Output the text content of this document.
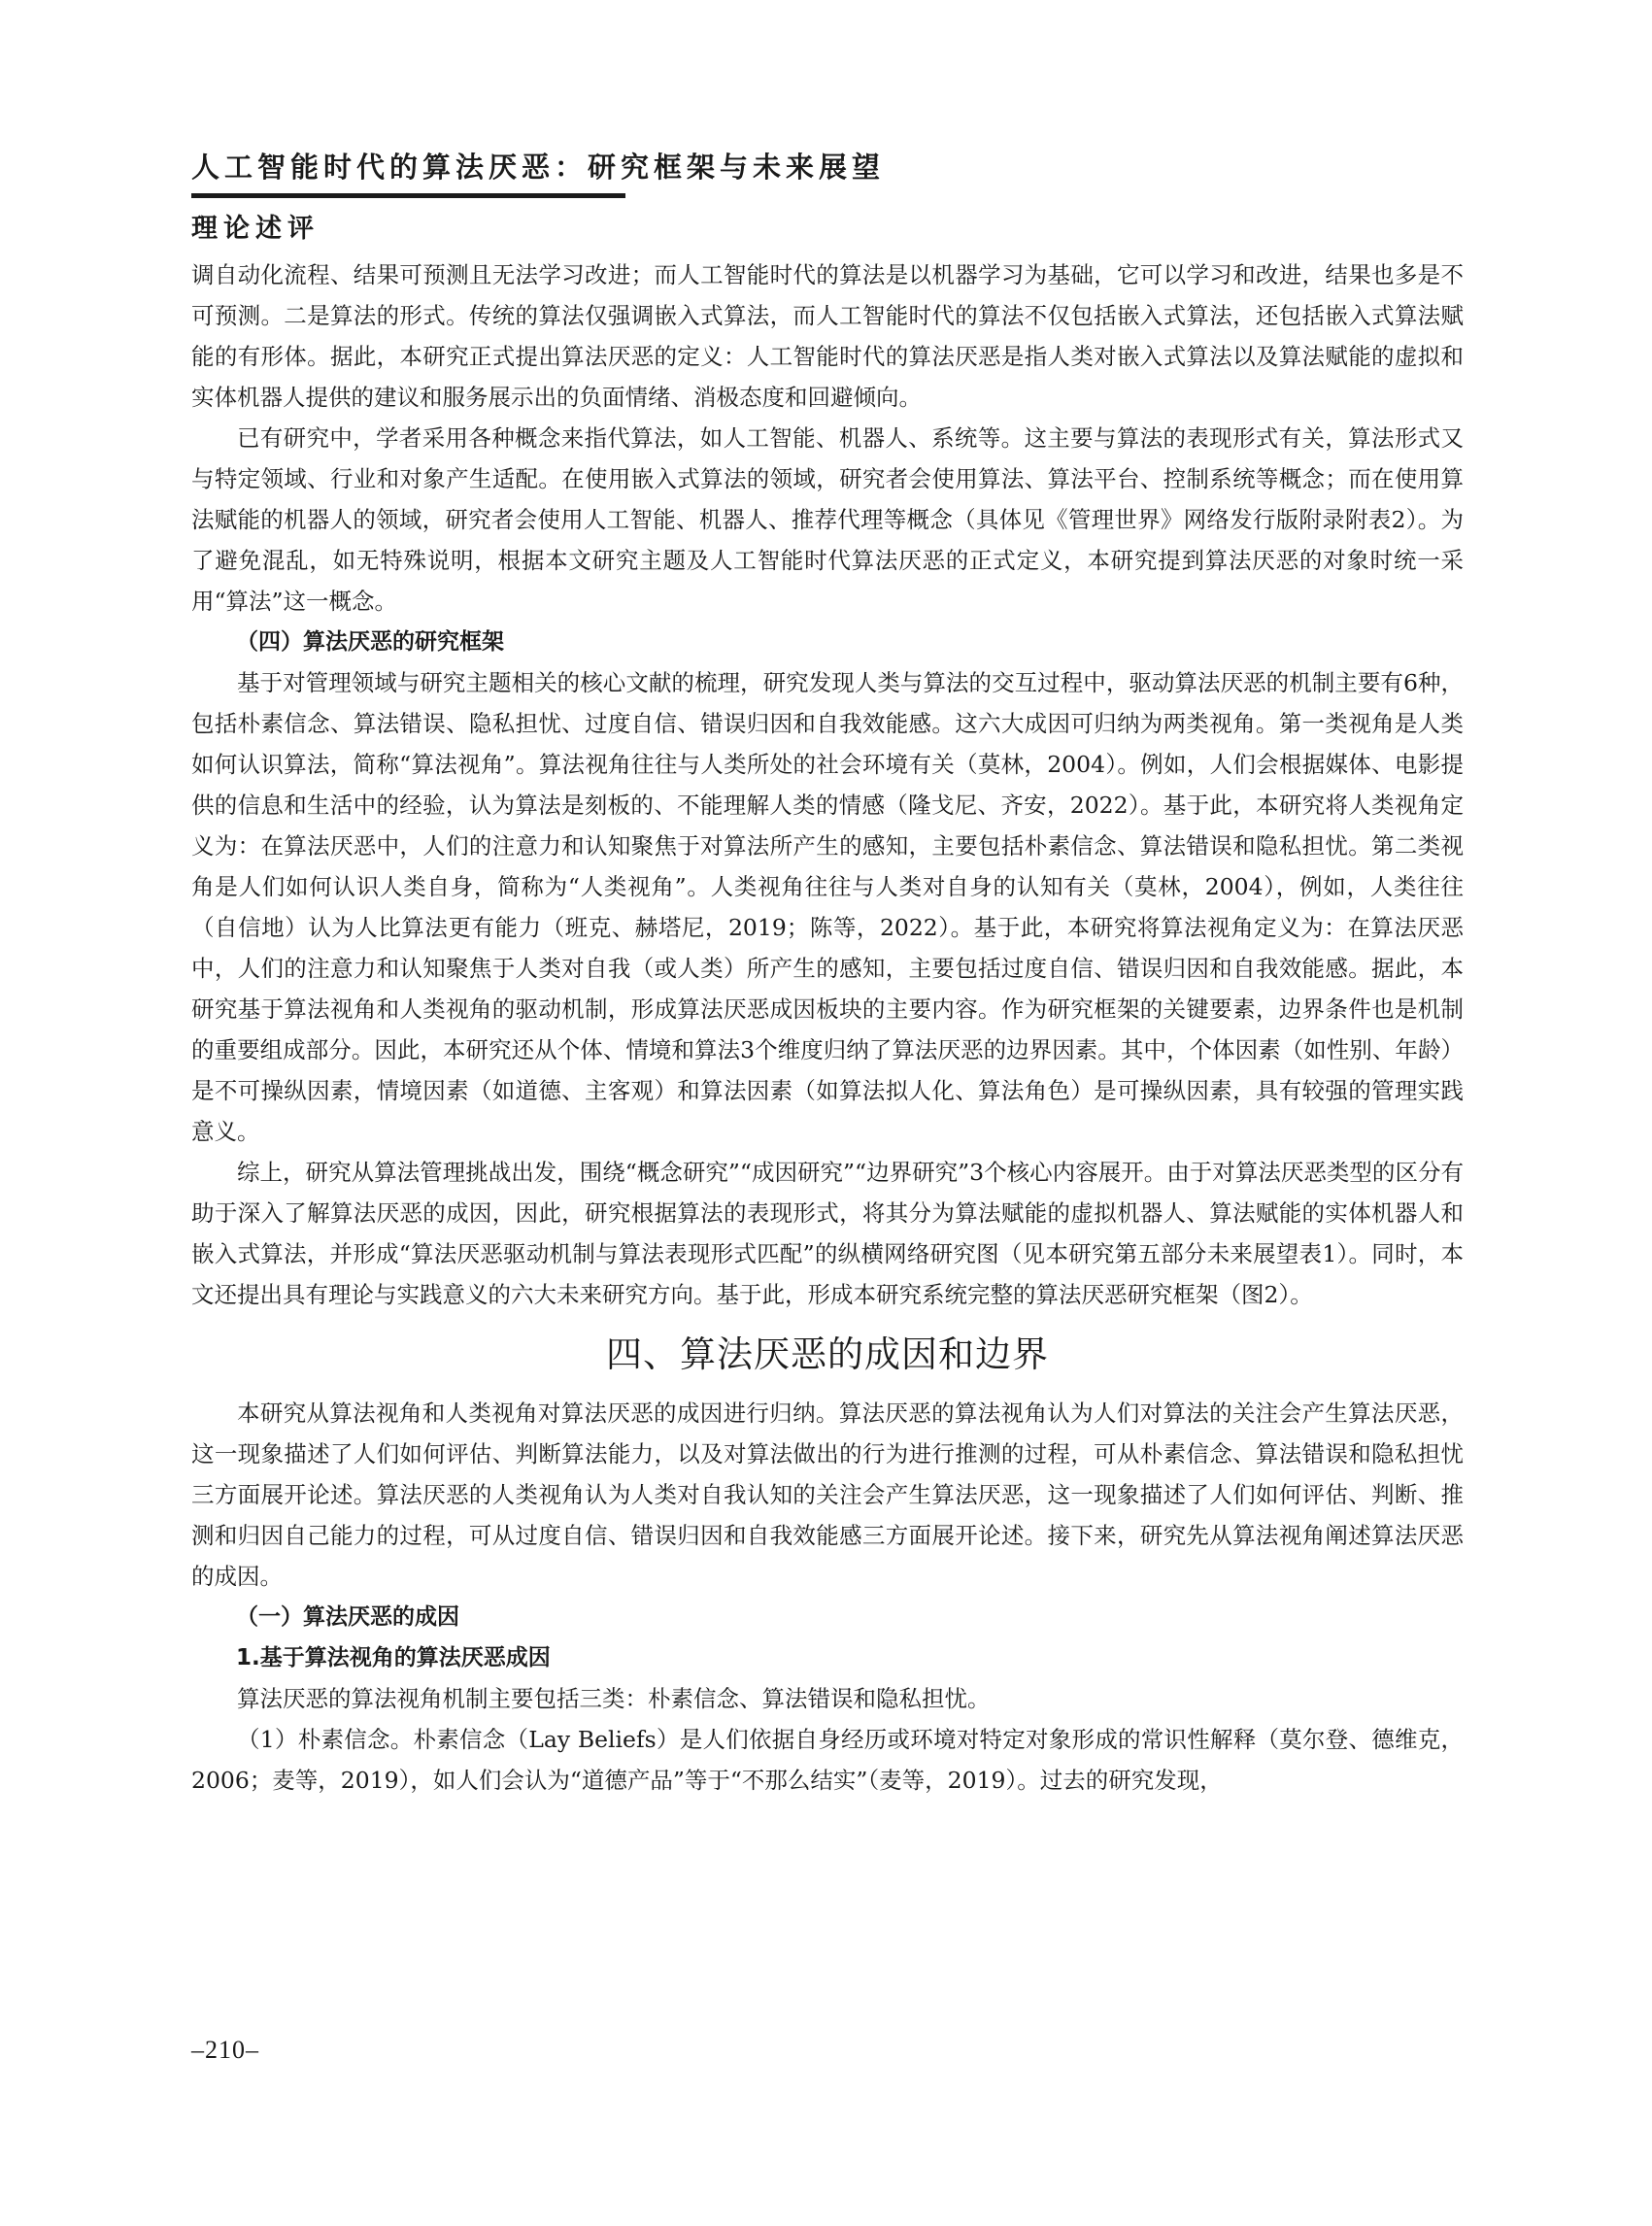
人工智能时代的算法厌恶：研究框架与未来展望
理论述评

调自动化流程、结果可预测且无法学习改进；而人工智能时代的算法是以机器学习为基础，它可以学习和改进，结果也多是不可预测。二是算法的形式。传统的算法仅强调嵌入式算法，而人工智能时代的算法不仅包括嵌入式算法，还包括嵌入式算法赋能的有形体。据此，本研究正式提出算法厌恶的定义：人工智能时代的算法厌恶是指人类对嵌入式算法以及算法赋能的虚拟和实体机器人提供的建议和服务展示出的负面情绪、消极态度和回避倾向。

已有研究中，学者采用各种概念来指代算法，如人工智能、机器人、系统等。这主要与算法的表现形式有关，算法形式又与特定领域、行业和对象产生适配。在使用嵌入式算法的领域，研究者会使用算法、算法平台、控制系统等概念；而在使用算法赋能的机器人的领域，研究者会使用人工智能、机器人、推荐代理等概念（具体见《管理世界》网络发行版附录附表2）。为了避免混乱，如无特殊说明，根据本文研究主题及人工智能时代算法厌恶的正式定义，本研究提到算法厌恶的对象时统一采用“算法”这一概念。

（四）算法厌恶的研究框架

基于对管理领域与研究主题相关的核心文献的梳理，研究发现人类与算法的交互过程中，驱动算法厌恶的机制主要有6种，包括朴素信念、算法错误、隐私担忧、过度自信、错误归因和自我效能感。这六大成因可归纳为两类视角。第一类视角是人类如何认识算法，简称“算法视角”。算法视角往往与人类所处的社会环境有关（莫林，2004）。例如，人们会根据媒体、电影提供的信息和生活中的经验，认为算法是刻板的、不能理解人类的情感（隆戈尼、齐安，2022）。基于此，本研究将人类视角定义为：在算法厌恶中，人们的注意力和认知聚焦于对算法所产生的感知，主要包括朴素信念、算法错误和隐私担忧。第二类视角是人们如何认识人类自身，简称为“人类视角”。人类视角往往与人类对自身的认知有关（莫林，2004），例如，人类往往（自信地）认为人比算法更有能力（班克、赫塔尼，2019；陈等，2022）。基于此，本研究将算法视角定义为：在算法厌恶中，人们的注意力和认知聚焦于人类对自我（或人类）所产生的感知，主要包括过度自信、错误归因和自我效能感。据此，本研究基于算法视角和人类视角的驱动机制，形成算法厌恶成因板块的主要内容。作为研究框架的关键要素，边界条件也是机制的重要组成部分。因此，本研究还从个体、情境和算法3个维度归纳了算法厌恶的边界因素。其中，个体因素（如性别、年龄）是不可操纵因素，情境因素（如道德、主客观）和算法因素（如算法拟人化、算法角色）是可操纵因素，具有较强的管理实践意义。

综上，研究从算法管理挑战出发，围绕“概念研究”“成因研究”“边界研究”3个核心内容展开。由于对算法厌恶类型的区分有助于深入了解算法厌恶的成因，因此，研究根据算法的表现形式，将其分为算法赋能的虚拟机器人、算法赋能的实体机器人和嵌入式算法，并形成“算法厌恶驱动机制与算法表现形式匹配”的纵横网络研究图（见本研究第五部分未来展望表1）。同时，本文还提出具有理论与实践意义的六大未来研究方向。基于此，形成本研究系统完整的算法厌恶研究框架（图2）。

四、算法厌恶的成因和边界

本研究从算法视角和人类视角对算法厌恶的成因进行归纳。算法厌恶的算法视角认为人们对算法的关注会产生算法厌恶，这一现象描述了人们如何评估、判断算法能力，以及对算法做出的行为进行推测的过程，可从朴素信念、算法错误和隐私担忧三方面展开论述。算法厌恶的人类视角认为人类对自我认知的关注会产生算法厌恶，这一现象描述了人们如何评估、判断、推测和归因自己能力的过程，可从过度自信、错误归因和自我效能感三方面展开论述。接下来，研究先从算法视角阐述算法厌恶的成因。

（一）算法厌恶的成因

1.基于算法视角的算法厌恶成因

算法厌恶的算法视角机制主要包括三类：朴素信念、算法错误和隐私担忧。

（1）朴素信念。朴素信念（Lay Beliefs）是人们依据自身经历或环境对特定对象形成的常识性解释（莫尔登、德维克，2006；麦等，2019），如人们会认为“道德产品”等于“不那么结实”（麦等，2019）。过去的研究发现，

–210–
